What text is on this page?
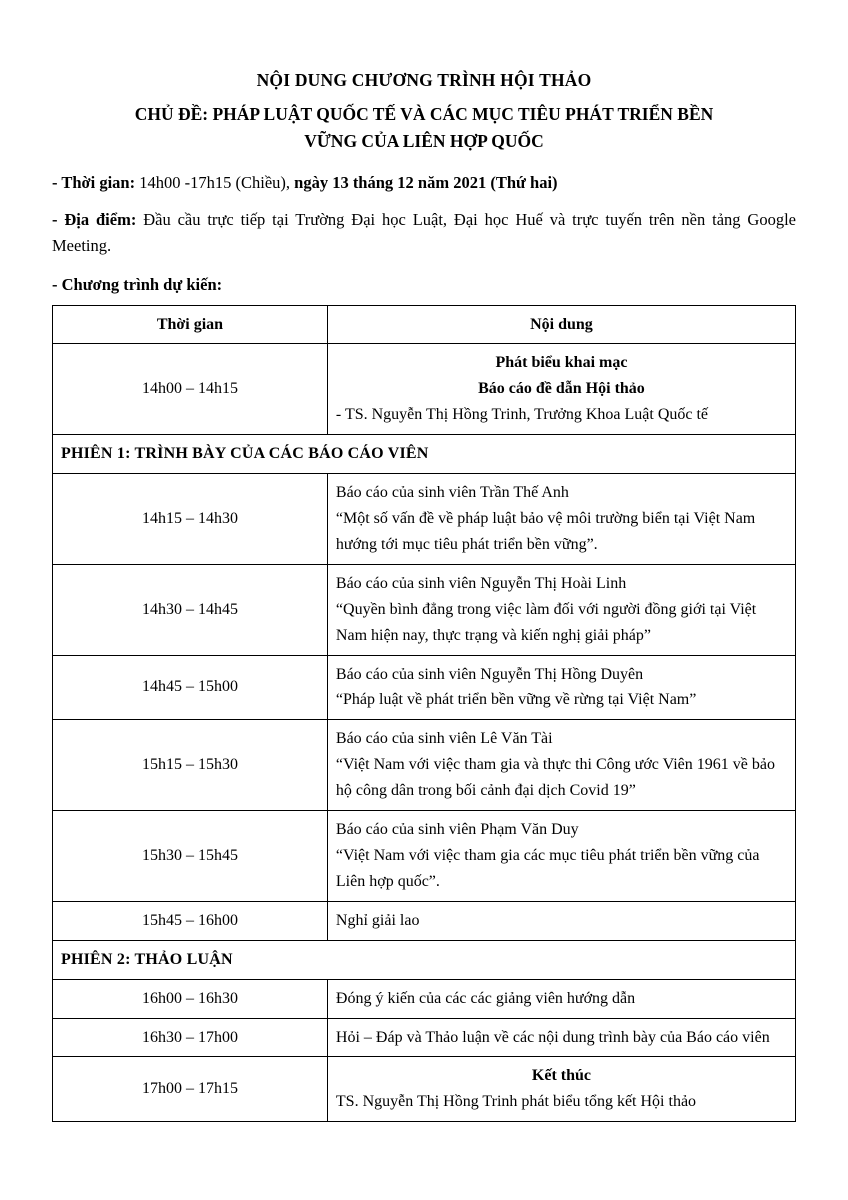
NỘI DUNG CHƯƠNG TRÌNH HỘI THẢO
CHỦ ĐỀ: PHÁP LUẬT QUỐC TẾ VÀ CÁC MỤC TIÊU PHÁT TRIỂN BỀN
VỮNG CỦA LIÊN HỢP QUỐC

- Thời gian: 14h00 -17h15 (Chiều), ngày 13 tháng 12 năm 2021 (Thứ hai)

- Địa điểm: Đầu cầu trực tiếp tại Trường Đại học Luật, Đại học Huế và trực tuyến trên nền tảng Google Meeting.

- Chương trình dự kiến:

Thời gian	Nội dung
14h00 – 14h15	Phát biểu khai mạc
Báo cáo đề dẫn Hội thảo
- TS. Nguyễn Thị Hồng Trinh, Trưởng Khoa Luật Quốc tế

PHIÊN 1: TRÌNH BÀY CỦA CÁC BÁO CÁO VIÊN	
14h15 – 14h30	Báo cáo của sinh viên Trần Thế Anh
“Một số vấn đề về pháp luật bảo vệ môi trường biển tại Việt Nam hướng tới mục tiêu phát triển bền vững”.

14h30 – 14h45	Báo cáo của sinh viên Nguyễn Thị Hoài Linh
“Quyền bình đẳng trong việc làm đối với người đồng giới tại Việt Nam hiện nay, thực trạng và kiến nghị giải pháp”

14h45 – 15h00	Báo cáo của sinh viên Nguyễn Thị Hồng Duyên
“Pháp luật về phát triển bền vững về rừng tại Việt Nam”

15h15 – 15h30	Báo cáo của sinh viên Lê Văn Tài
“Việt Nam với việc tham gia và thực thi Công ước Viên 1961 về bảo hộ công dân trong bối cảnh đại dịch Covid 19”

15h30 – 15h45	Báo cáo của sinh viên Phạm Văn Duy
“Việt Nam với việc tham gia các mục tiêu phát triển bền vững của Liên hợp quốc”.

15h45 – 16h00	Nghỉ giải lao

PHIÊN 2: THẢO LUẬN	
16h00 – 16h30	Đóng ý kiến của các các giảng viên hướng dẫn

16h30 – 17h00	Hỏi – Đáp và Thảo luận về các nội dung trình bày của Báo cáo viên

17h00 – 17h15	Kết thúc
TS. Nguyễn Thị Hồng Trinh phát biểu tổng kết Hội thảo
